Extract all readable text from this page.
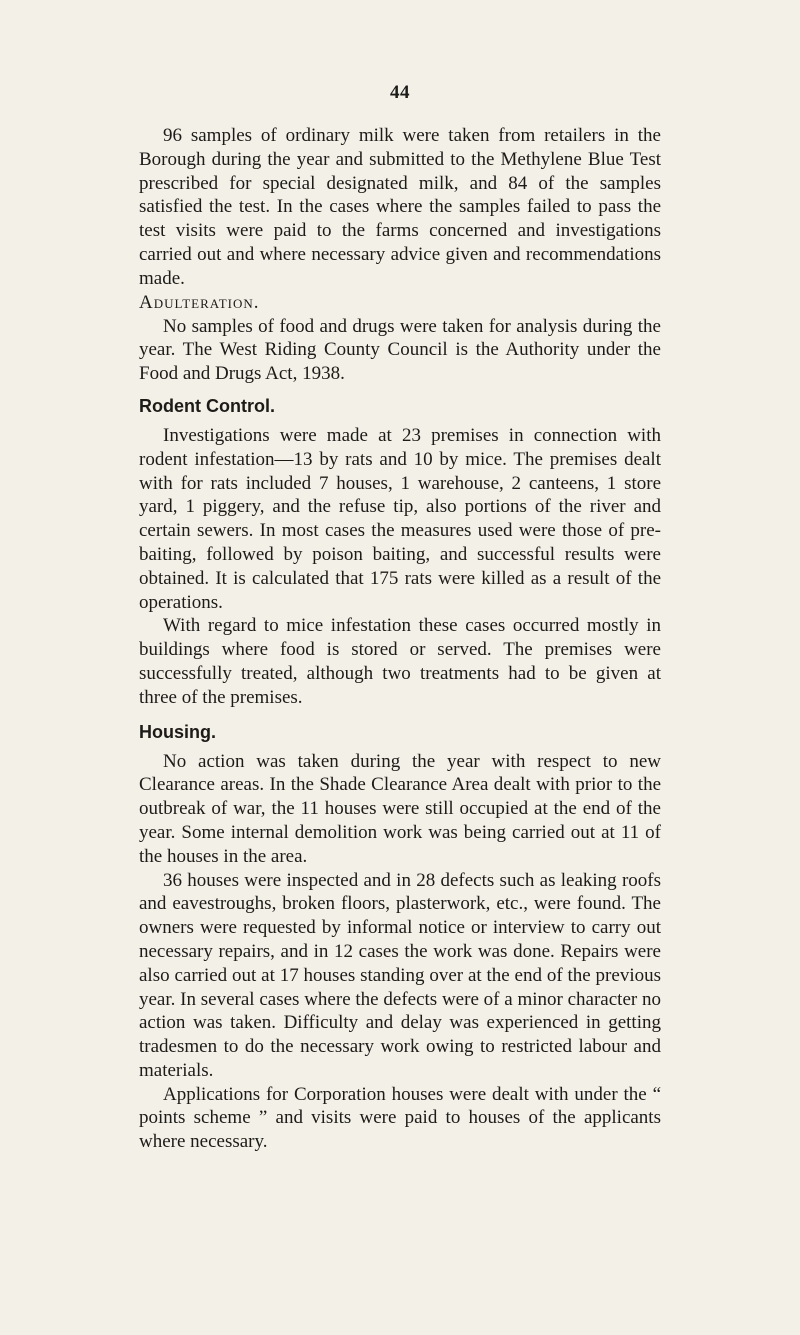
44

96 samples of ordinary milk were taken from retailers in the Borough during the year and submitted to the Methylene Blue Test prescribed for special designated milk, and 84 of the samples satisfied the test. In the cases where the samples failed to pass the test visits were paid to the farms concerned and investigations carried out and where necessary advice given and recommendations made.

Adulteration.

No samples of food and drugs were taken for analysis during the year. The West Riding County Council is the Authority under the Food and Drugs Act, 1938.

Rodent Control.

Investigations were made at 23 premises in connection with rodent infestation—13 by rats and 10 by mice. The premises dealt with for rats included 7 houses, 1 warehouse, 2 canteens, 1 store yard, 1 piggery, and the refuse tip, also portions of the river and certain sewers. In most cases the measures used were those of pre-baiting, followed by poison baiting, and successful results were obtained. It is calculated that 175 rats were killed as a result of the operations.

With regard to mice infestation these cases occurred mostly in buildings where food is stored or served. The premises were successfully treated, although two treatments had to be given at three of the premises.

Housing.

No action was taken during the year with respect to new Clearance areas. In the Shade Clearance Area dealt with prior to the outbreak of war, the 11 houses were still occupied at the end of the year. Some internal demolition work was being carried out at 11 of the houses in the area.

36 houses were inspected and in 28 defects such as leaking roofs and eavestroughs, broken floors, plasterwork, etc., were found. The owners were requested by informal notice or interview to carry out necessary repairs, and in 12 cases the work was done. Repairs were also carried out at 17 houses standing over at the end of the previous year. In several cases where the defects were of a minor character no action was taken. Difficulty and delay was experienced in getting tradesmen to do the necessary work owing to restricted labour and materials.

Applications for Corporation houses were dealt with under the “ points scheme ” and visits were paid to houses of the applicants where necessary.
